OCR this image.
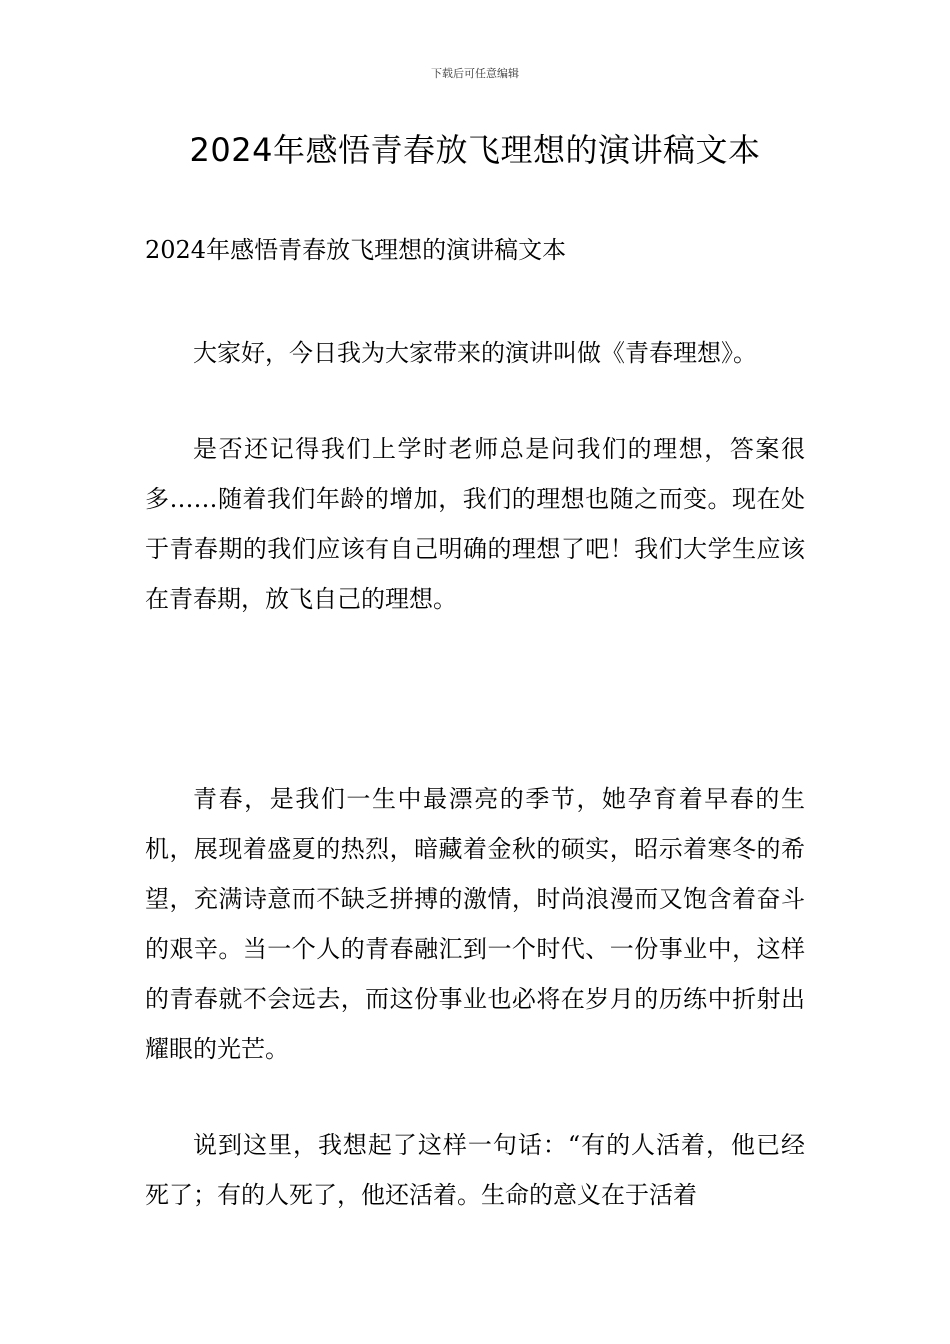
下载后可任意编辑
2024年感悟青春放飞理想的演讲稿文本

2024年感悟青春放飞理想的演讲稿文本

大家好，今日我为大家带来的演讲叫做《青春理想》。

是否还记得我们上学时老师总是问我们的理想，答案很多……随着我们年龄的增加，我们的理想也随之而变。现在处于青春期的我们应该有自己明确的理想了吧！我们大学生应该在青春期，放飞自己的理想。

青春，是我们一生中最漂亮的季节，她孕育着早春的生机，展现着盛夏的热烈，暗藏着金秋的硕实，昭示着寒冬的希望，充满诗意而不缺乏拼搏的激情，时尚浪漫而又饱含着奋斗的艰辛。当一个人的青春融汇到一个时代、一份事业中，这样的青春就不会远去，而这份事业也必将在岁月的历练中折射出耀眼的光芒。

说到这里，我想起了这样一句话：“有的人活着，他已经死了；有的人死了，他还活着。生命的意义在于活着
